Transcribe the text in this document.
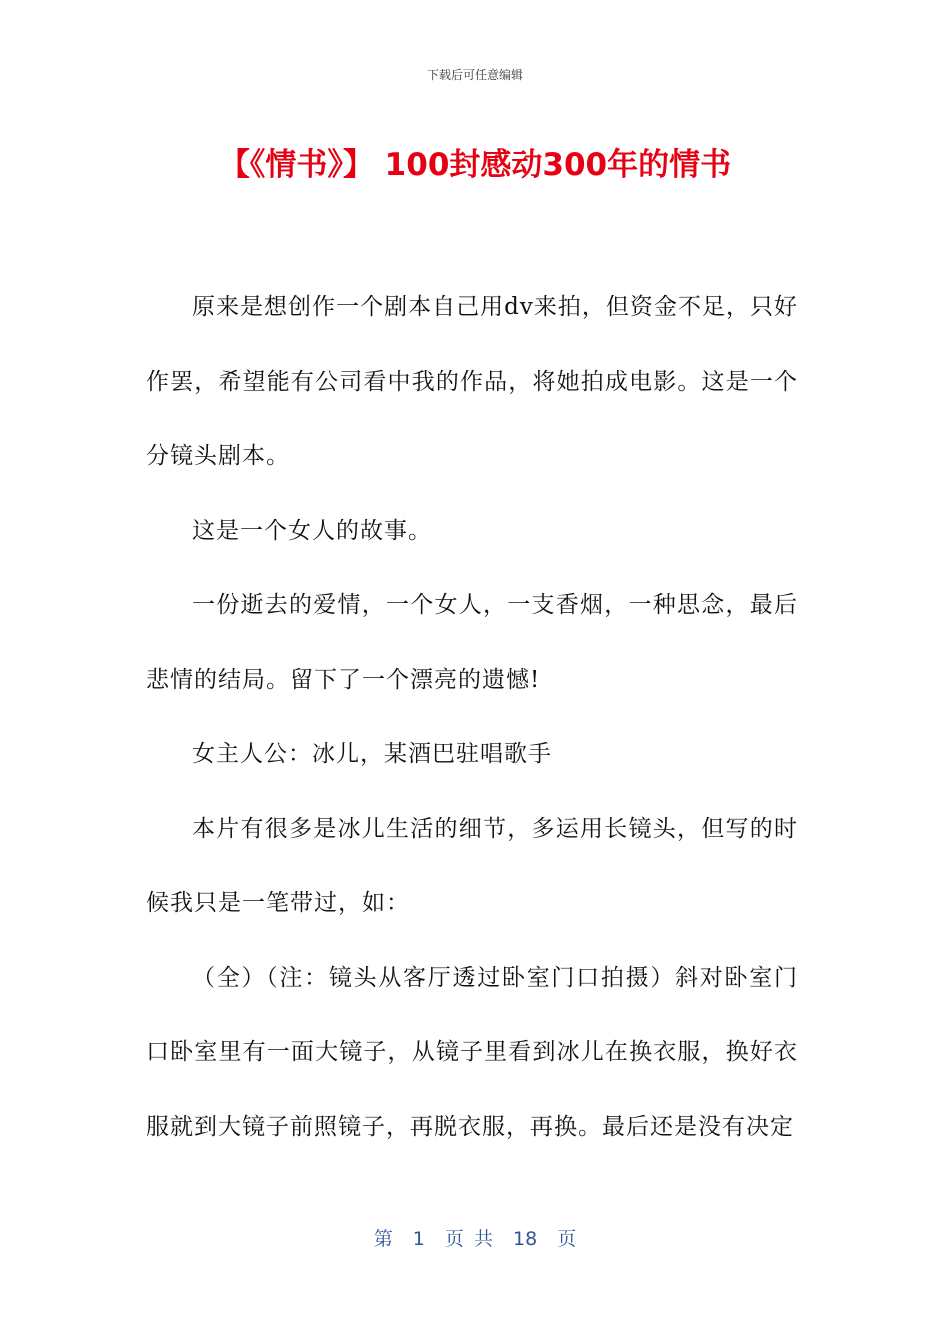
下载后可任意编辑
【《情书》】 100封感动300年的情书

原来是想创作一个剧本自己用dv来拍，但资金不足，只好作罢，希望能有公司看中我的作品，将她拍成电影。这是一个分镜头剧本。

这是一个女人的故事。

一份逝去的爱情，一个女人，一支香烟，一种思念，最后悲情的结局。留下了一个漂亮的遗憾!

女主人公：冰儿，某酒巴驻唱歌手

本片有很多是冰儿生活的细节，多运用长镜头，但写的时候我只是一笔带过，如：

（全）（注：镜头从客厅透过卧室门口拍摄）斜对卧室门口卧室里有一面大镜子，从镜子里看到冰儿在换衣服，换好衣服就到大镜子前照镜子，再脱衣服，再换。最后还是没有决定

第  1  页 共  18  页
